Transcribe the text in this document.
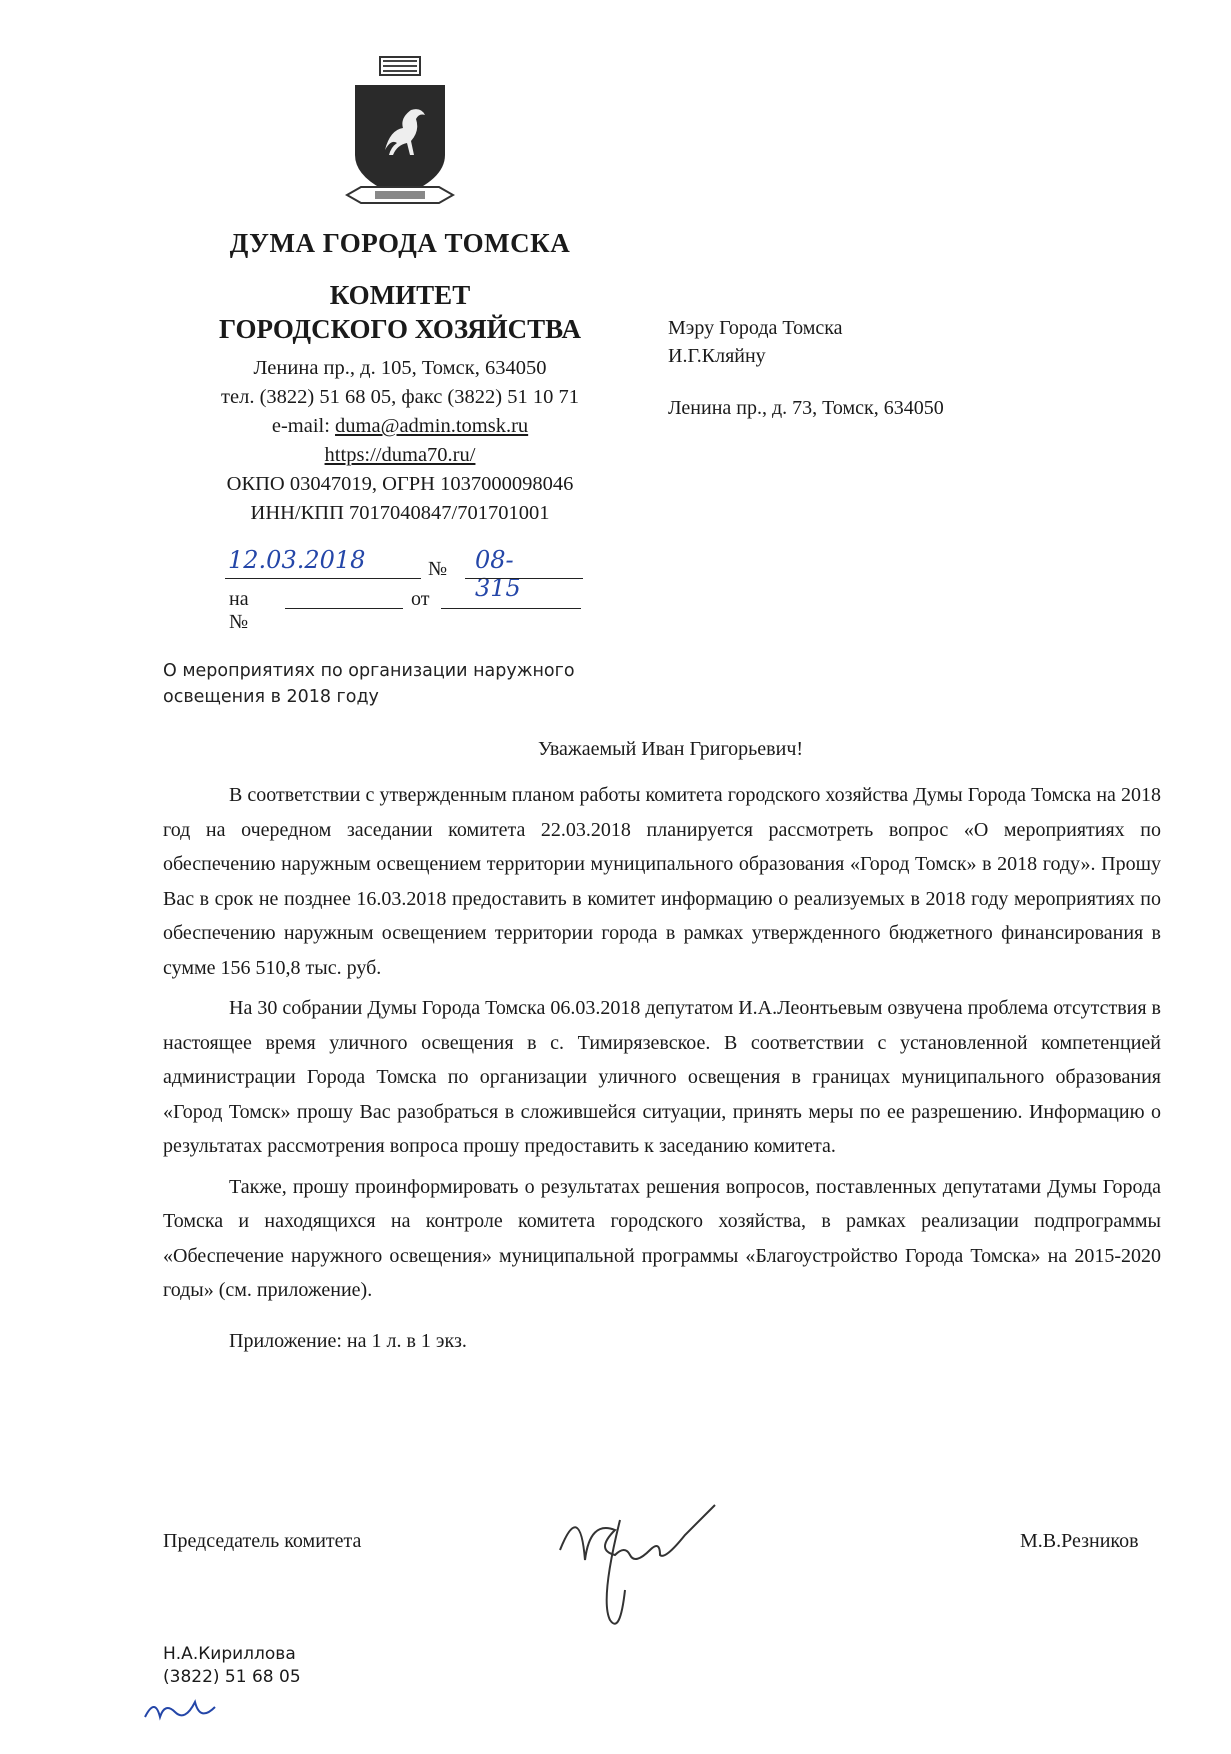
ДУМА ГОРОДА ТОМСКА
КОМИТЕТ
ГОРОДСКОГО ХОЗЯЙСТВА
Ленина пр., д. 105, Томск, 634050
тел. (3822) 51 68 05, факс (3822) 51 10 71
e-mail: duma@admin.tomsk.ru
https://duma70.ru/
ОКПО 03047019, ОГРН 1037000098046
ИНН/КПП 7017040847/701701001
12.03.2018	№ 08-315
на №
от
Мэру Города Томска
И.Г.Кляйну
Ленина пр., д. 73, Томск, 634050
О мероприятиях по организации наружного
освещения в 2018 году
Уважаемый Иван Григорьевич!

В соответствии с утвержденным планом работы комитета городского хозяйства Думы Города Томска на 2018 год на очередном заседании комитета 22.03.2018 планируется рассмотреть вопрос «О мероприятиях по обеспечению наружным освещением территории муниципального образования «Город Томск» в 2018 году». Прошу Вас в срок не позднее 16.03.2018 предоставить в комитет информацию о реализуемых в 2018 году мероприятиях по обеспечению наружным освещением территории города в рамках утвержденного бюджетного финансирования в сумме 156 510,8 тыс. руб.

На 30 собрании Думы Города Томска 06.03.2018 депутатом И.А.Леонтьевым озвучена проблема отсутствия в настоящее время уличного освещения в с. Тимирязевское. В соответствии с установленной компетенцией администрации Города Томска по организации уличного освещения в границах муниципального образования «Город Томск» прошу Вас разобраться в сложившейся ситуации, принять меры по ее разрешению. Информацию о результатах рассмотрения вопроса прошу предоставить к заседанию комитета.

Также, прошу проинформировать о результатах решения вопросов, поставленных депутатами Думы Города Томска и находящихся на контроле комитета городского хозяйства, в рамках реализации подпрограммы «Обеспечение наружного освещения» муниципальной программы «Благоустройство Города Томска» на 2015-2020 годы» (см. приложение).

Приложение: на 1 л. в 1 экз.

Председатель комитета	М.В.Резников
Н.А.Кириллова
(3822) 51 68 05
